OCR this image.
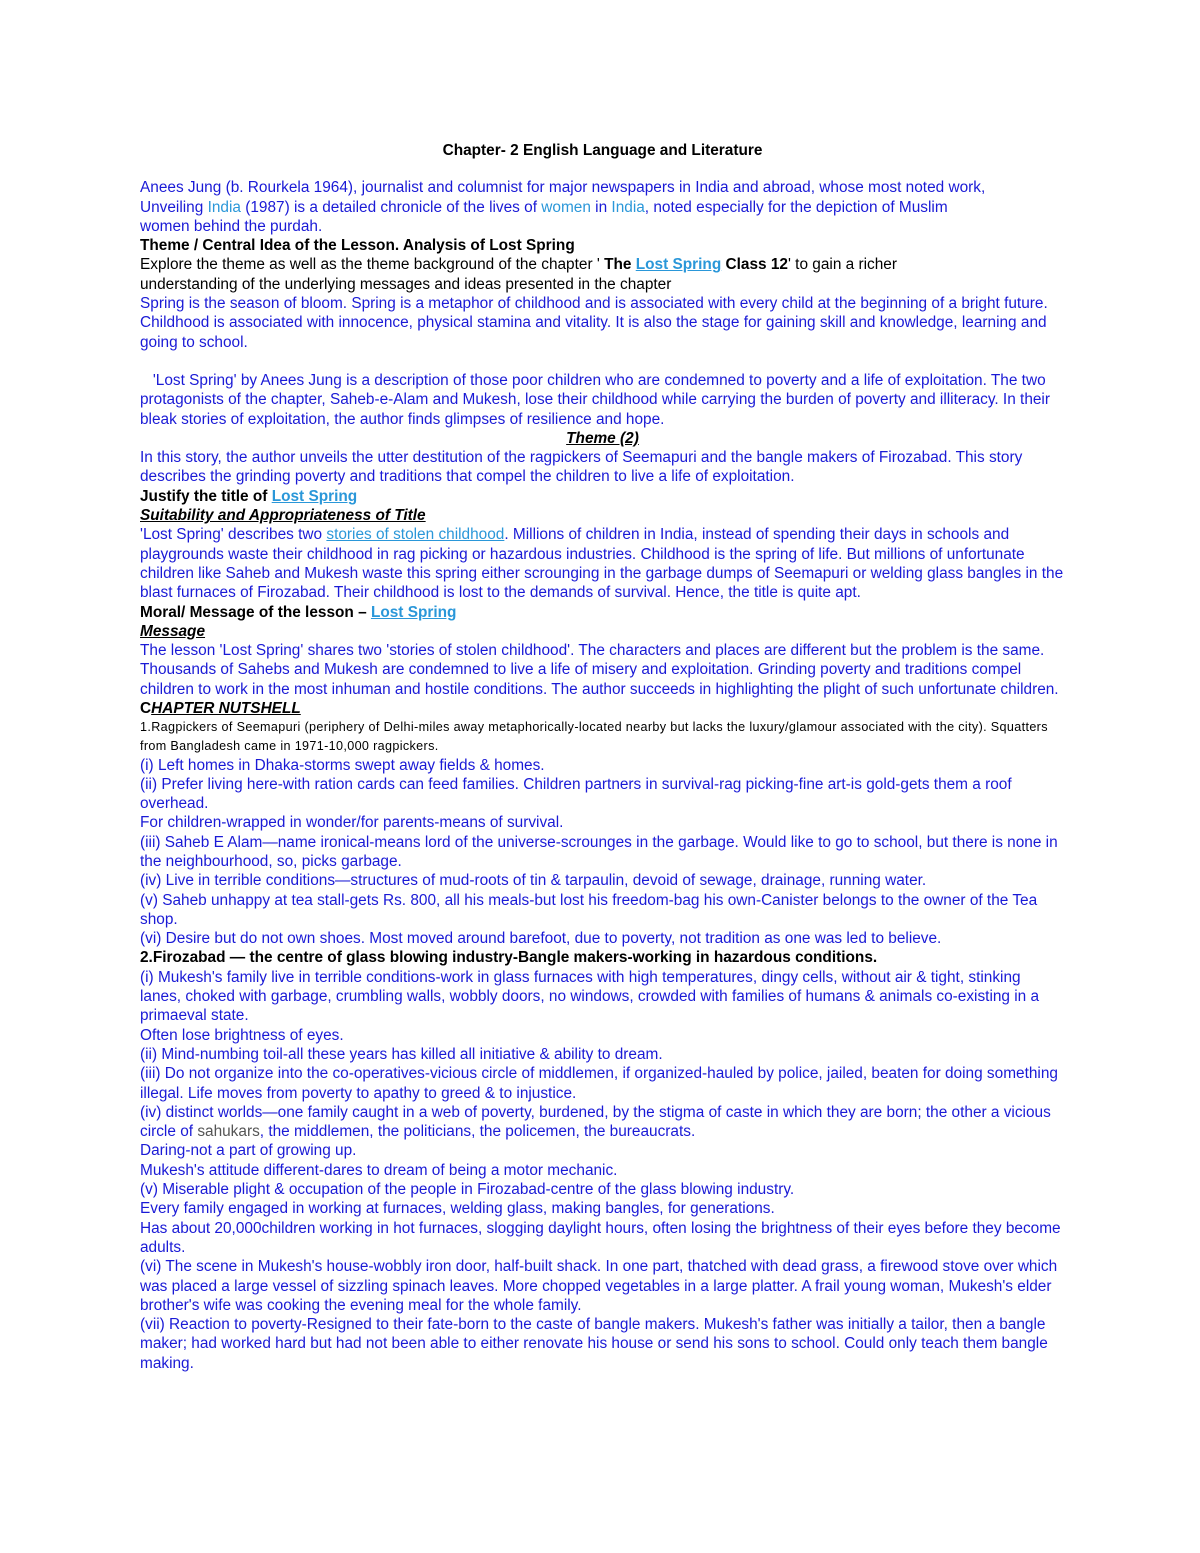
Chapter- 2 English Language and Literature

Anees Jung (b. Rourkela 1964), journalist and columnist for major newspapers in India and abroad, whose most noted work,
Unveiling India (1987) is a detailed chronicle of the lives of women in India, noted especially for the depiction of Muslim
women behind the purdah.

Theme / Central Idea of the Lesson. Analysis of Lost Spring

Explore the theme as well as the theme background of the chapter ' The Lost Spring Class 12' to gain a richer
understanding of the underlying messages and ideas presented in the chapter

Spring is the season of bloom. Spring is a metaphor of childhood and is associated with every child at the beginning of a bright future. Childhood is associated with innocence, physical stamina and vitality. It is also the stage for gaining skill and knowledge, learning and going to school.

'Lost Spring' by Anees Jung is a description of those poor children who are condemned to poverty and a life of exploitation. The two protagonists of the chapter, Saheb-e-Alam and Mukesh, lose their childhood while carrying the burden of poverty and illiteracy. In their bleak stories of exploitation, the author finds glimpses of resilience and hope.

Theme (2)

In this story, the author unveils the utter destitution of the ragpickers of Seemapuri and the bangle makers of Firozabad. This story describes the grinding poverty and traditions that compel the children to live a life of exploitation.

Justify the title of Lost Spring

Suitability and Appropriateness of Title

'Lost Spring' describes two stories of stolen childhood. Millions of children in India, instead of spending their days in schools and playgrounds waste their childhood in rag picking or hazardous industries. Childhood is the spring of life. But millions of unfortunate children like Saheb and Mukesh waste this spring either scrounging in the garbage dumps of Seemapuri or welding glass bangles in the blast furnaces of Firozabad. Their childhood is lost to the demands of survival. Hence, the title is quite apt.

Moral/ Message of the lesson – Lost Spring

Message

The lesson 'Lost Spring' shares two 'stories of stolen childhood'. The characters and places are different but the problem is the same. Thousands of Sahebs and Mukesh are condemned to live a life of misery and exploitation. Grinding poverty and traditions compel children to work in the most inhuman and hostile conditions. The author succeeds in highlighting the plight of such unfortunate children.

CHAPTER NUTSHELL

1.Ragpickers of Seemapuri (periphery of Delhi-miles away metaphorically-located nearby but lacks the luxury/glamour associated with the city). Squatters from Bangladesh came in 1971-10,000 ragpickers.

(i) Left homes in Dhaka-storms swept away fields & homes.

(ii) Prefer living here-with ration cards can feed families. Children partners in survival-rag picking-fine art-is gold-gets them a roof overhead.

For children-wrapped in wonder/for parents-means of survival.

(iii) Saheb E Alam—name ironical-means lord of the universe-scrounges in the garbage. Would like to go to school, but there is none in the neighbourhood, so, picks garbage.

(iv) Live in terrible conditions—structures of mud-roots of tin & tarpaulin, devoid of sewage, drainage, running water.

(v) Saheb unhappy at tea stall-gets Rs. 800, all his meals-but lost his freedom-bag his own-Canister belongs to the owner of the Tea shop.

(vi) Desire but do not own shoes. Most moved around barefoot, due to poverty, not tradition as one was led to believe.

2.Firozabad — the centre of glass blowing industry-Bangle makers-working in hazardous conditions.

(i) Mukesh's family live in terrible conditions-work in glass furnaces with high temperatures, dingy cells, without air & tight, stinking lanes, choked with garbage, crumbling walls, wobbly doors, no windows, crowded with families of humans & animals co-existing in a primaeval state.

Often lose brightness of eyes.

(ii) Mind-numbing toil-all these years has killed all initiative & ability to dream.

(iii) Do not organize into the co-operatives-vicious circle of middlemen, if organized-hauled by police, jailed, beaten for doing something illegal. Life moves from poverty to apathy to greed & to injustice.

(iv) distinct worlds—one family caught in a web of poverty, burdened, by the stigma of caste in which they are born; the other a vicious circle of sahukars, the middlemen, the politicians, the policemen, the bureaucrats.

Daring-not a part of growing up.

Mukesh's attitude different-dares to dream of being a motor mechanic.

(v) Miserable plight & occupation of the people in Firozabad-centre of the glass blowing industry.

Every family engaged in working at furnaces, welding glass, making bangles, for generations.

Has about 20,000children working in hot furnaces, slogging daylight hours, often losing the brightness of their eyes before they become adults.

(vi) The scene in Mukesh's house-wobbly iron door, half-built shack. In one part, thatched with dead grass, a firewood stove over which was placed a large vessel of sizzling spinach leaves. More chopped vegetables in a large platter. A frail young woman, Mukesh's elder brother's wife was cooking the evening meal for the whole family.

(vii) Reaction to poverty-Resigned to their fate-born to the caste of bangle makers. Mukesh's father was initially a tailor, then a bangle maker; had worked hard but had not been able to either renovate his house or send his sons to school. Could only teach them bangle making.
